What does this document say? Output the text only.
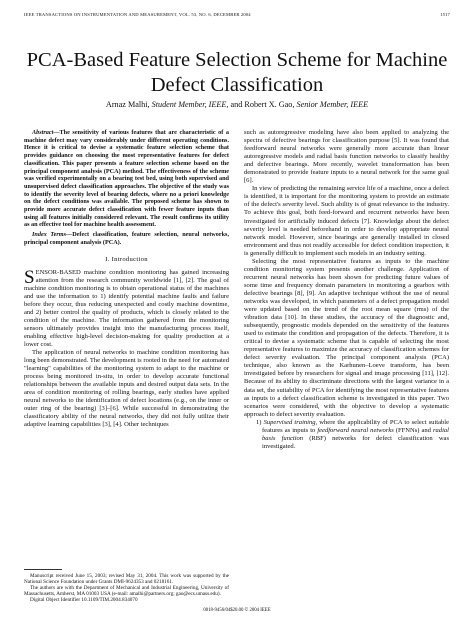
IEEE TRANSACTIONS ON INSTRUMENTATION AND MEASUREMENT, VOL. 53, NO. 6, DECEMBER 2004	1517
PCA-Based Feature Selection Scheme for Machine Defect Classification
Arnaz Malhi, Student Member, IEEE, and Robert X. Gao, Senior Member, IEEE

Abstract—The sensitivity of various features that are characteristic of a machine defect may vary considerably under different operating conditions. Hence it is critical to devise a systematic feature selection scheme that provides guidance on choosing the most representative features for defect classification. This paper presents a feature selection scheme based on the principal component analysis (PCA) method. The effectiveness of the scheme was verified experimentally on a bearing test bed, using both supervised and unsupervised defect classification approaches. The objective of the study was to identify the severity level of bearing defects, where no a priori knowledge on the defect conditions was available. The proposed scheme has shown to provide more accurate defect classification with fewer feature inputs than using all features initially considered relevant. The result confirms its utility as an effective tool for machine health assessment.

Index Terms—Defect classification, feature selection, neural networks, principal component analysis (PCA).

I. Introduction

SENSOR-BASED machine condition monitoring has gained increasing attention from the research community worldwide [1], [2]. The goal of machine condition monitoring is to obtain operational status of the machines and use the information to 1) identify potential machine faults and failure before they occur, thus reducing unexpected and costly machine downtime, and 2) better control the quality of products, which is closely related to the condition of the machine. The information gathered from the monitoring sensors ultimately provides insight into the manufacturing process itself, enabling effective high-level decision-making for quality production at a lower cost.

The application of neural networks to machine condition monitoring has long been demonstrated. The development is rooted in the need for automated "learning" capabilities of the monitoring system to adapt to the machine or process being monitored in-situ, in order to develop accurate functional relationships between the available inputs and desired output data sets. In the area of condition monitoring of rolling bearings, early studies have applied neural networks to the identification of defect locations (e.g., on the inner or outer ring of the bearing) [3]–[6]. While successful in demonstrating the classificatory ability of the neural networks, they did not fully utilize their adaptive learning capabilities [3], [4]. Other techniques

such as autoregressive modeling have also been applied to analyzing the spectra of defective bearings for classification purpose [5]. It was found that feedforward neural networks were generally more accurate than linear autoregressive models and radial basis function networks to classify healthy and defective bearings. More recently, wavelet transformation has been demonstrated to provide feature inputs to a neural network for the same goal [6].

In view of predicting the remaining service life of a machine, once a defect is identified, it is important for the monitoring system to provide an estimate of the defect's severity level. Such ability is of great relevance to the industry. To achieve this goal, both feed-forward and recurrent networks have been investigated for artificially induced defects [7]. Knowledge about the defect severity level is needed beforehand in order to develop appropriate neural network model. However, since bearings are generally installed in closed environment and thus not readily accessible for defect condition inspection, it is generally difficult to implement such models in an industry setting.

Selecting the most representative features as inputs to the machine condition monitoring system presents another challenge. Application of recurrent neural networks has been shown for predicting future values of some time and frequency domain parameters in monitoring a gearbox with defective bearings [8], [9]. An adaptive technique without the use of neural networks was developed, in which parameters of a defect propagation model were updated based on the trend of the root mean square (rms) of the vibration data [10]. In these studies, the accuracy of the diagnostic and, subsequently, prognostic models depended on the sensitivity of the features used to estimate the condition and propagation of the defects. Therefore, it is critical to devise a systematic scheme that is capable of selecting the most representative features to maximize the accuracy of classification schemes for defect severity evaluation. The principal component analysis (PCA) technique, also known as the Karhunen–Loeve transform, has been investigated before by researchers for signal and image processing [11], [12]. Because of its ability to discriminate directions with the largest variance in a data set, the suitability of PCA for identifying the most representative features as inputs to a defect classification scheme is investigated in this paper. Two scenarios were considered, with the objective to develop a systematic approach to defect severity evaluation.

1) Supervised training, where the applicability of PCA to select suitable features as inputs to feedforward neural networks (FFNNs) and radial basis function (RBF) networks for defect classification was investigated.

Manuscript received June 15, 2003; revised May 31, 2004. This work was supported by the National Science Foundation under Grants DMI-9624353 and 0218161.

The authors are with the Department of Mechanical and Industrial Engineering, University of Massachusetts, Amherst, MA 01003 USA (e-mail: amalhi@partners.org; gao@ecs.umass.edu).

Digital Object Identifier 10.1109/TIM.2004.834070

0018-9456/04$20.00 © 2004 IEEE
